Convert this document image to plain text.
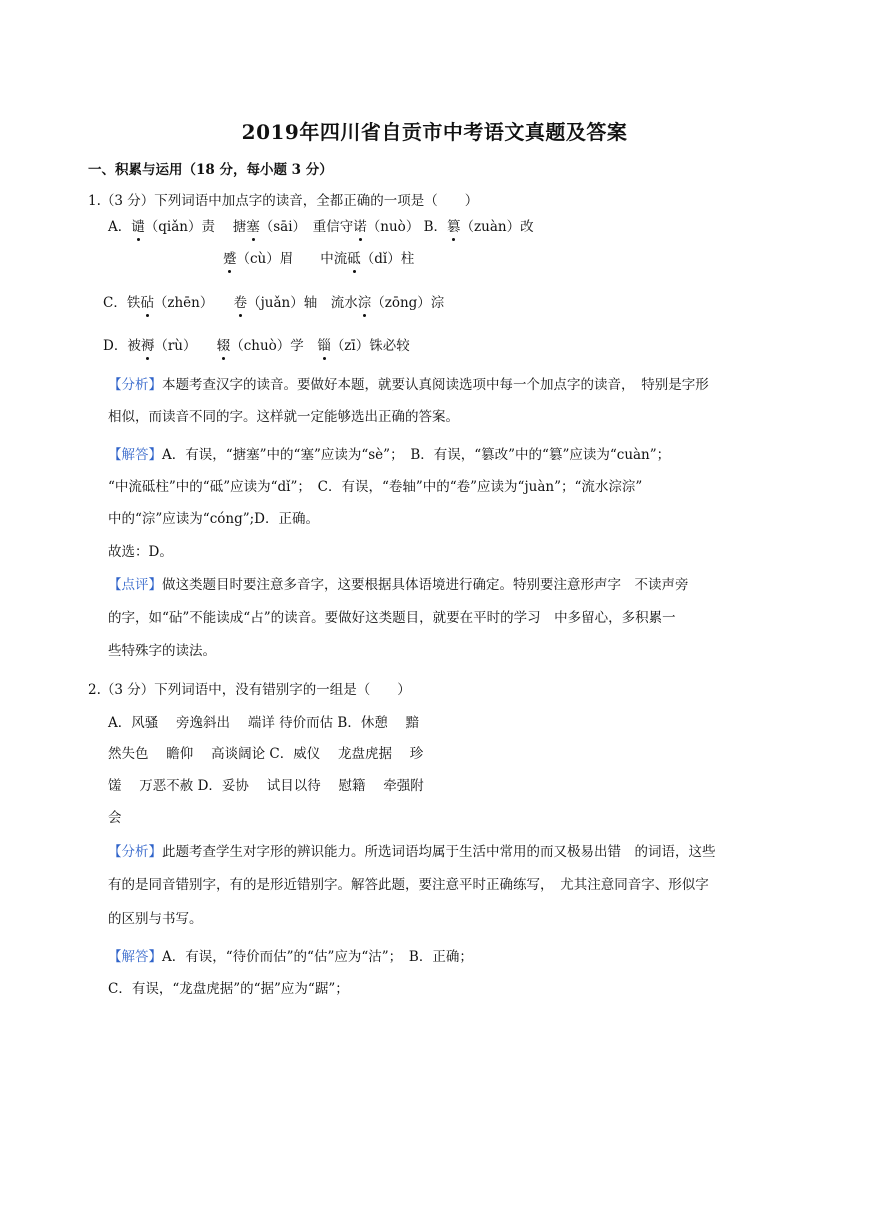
2019年四川省自贡市中考语文真题及答案
一、积累与运用（18 分，每小题 3 分）
1.（3 分）下列词语中加点字的读音，全都正确的一项是（　　）
A．谴（qiǎn）责　 搪塞（sāi）　重信守诺（nuò） B．篡（zuàn）改
蹙（cù）眉　　中流砥（dǐ）柱
C．铁砧（zhēn）　　卷（juǎn）轴　流水淙（zōng）淙
D．被褥（rù）　　辍（chuò）学　锱（zī）铢必较
【分析】本题考查汉字的读音。要做好本题，就要认真阅读选项中每一个加点字的读音，　特别是字形
相似，而读音不同的字。这样就一定能够选出正确的答案。
【解答】A．有误，“搪塞”中的“塞”应读为“sè”；　B．有误，“篡改”中的“篡”应读为“cuàn”；
“中流砥柱”中的“砥”应读为“dǐ”；　C．有误，“卷轴”中的“卷”应读为“juàn”；“流水淙淙”
中的“淙”应读为“cóng”;D．正确。
故选：D。
【点评】做这类题目时要注意多音字，这要根据具体语境进行确定。特别要注意形声字　不读声旁
的字，如“砧”不能读成“占”的读音。要做好这类题目，就要在平时的学习　中多留心，多积累一
些特殊字的读法。
2.（3 分）下列词语中，没有错别字的一组是（　　）
A．风骚　 旁逸斜出　 端详 待价而估 B．休憩　 黯
然失色　 瞻仰　 高谈阔论 C．威仪　 龙盘虎据　 珍
馐　 万恶不赦 D．妥协　 试目以待　 慰籍　 牵强附
会
【分析】此题考查学生对字形的辨识能力。所选词语均属于生活中常用的而又极易出错　的词语，这些
有的是同音错别字，有的是形近错别字。解答此题，要注意平时正确练写，　尤其注意同音字、形似字
的区别与书写。
【解答】A．有误，“待价而估”的“估”应为“沽”；　B．正确；
C．有误，“龙盘虎据”的“据”应为“踞”；
